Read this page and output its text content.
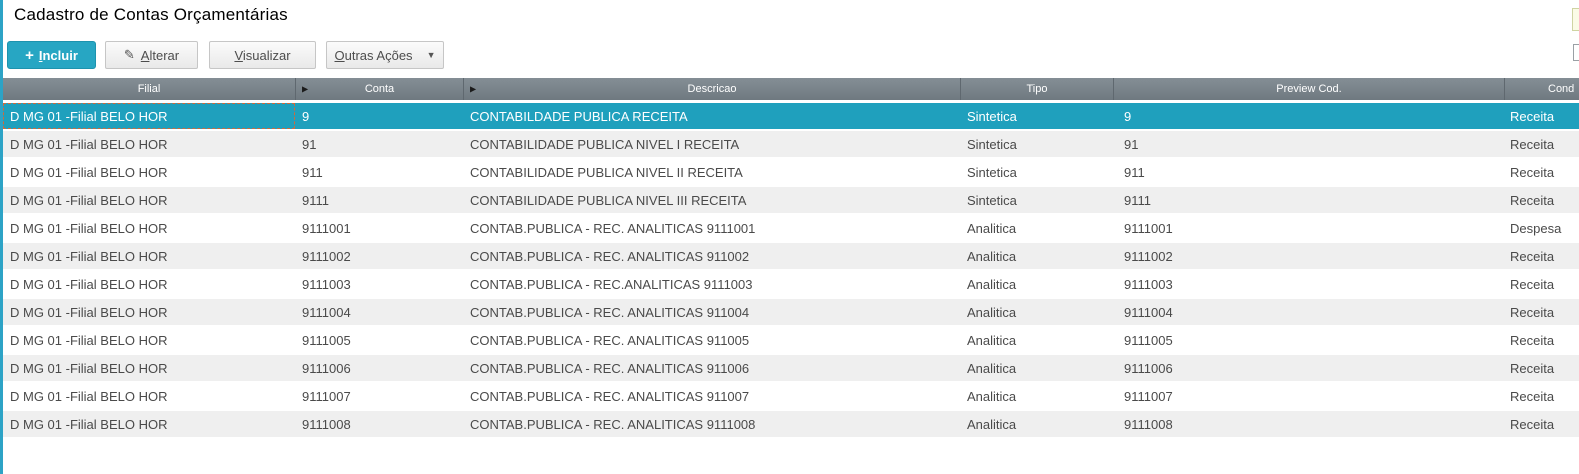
Cadastro de Contas Orçamentárias
+ Incluir	✎ Alterar	Visualizar	Outras Ações ▼
Filial	▶	Conta	▶	Descricao	Tipo	Preview Cod.	Cond
D MG 01 -Filial BELO HOR	9	CONTABILDADE PUBLICA RECEITA	Sintetica	9	Receita
D MG 01 -Filial BELO HOR	91	CONTABILIDADE PUBLICA NIVEL I RECEITA	Sintetica	91	Receita
D MG 01 -Filial BELO HOR	911	CONTABILIDADE PUBLICA NIVEL II RECEITA	Sintetica	911	Receita
D MG 01 -Filial BELO HOR	9111	CONTABILIDADE PUBLICA NIVEL III RECEITA	Sintetica	9111	Receita
D MG 01 -Filial BELO HOR	9111001	CONTAB.PUBLICA - REC. ANALITICAS 9111001	Analitica	9111001	Despesa
D MG 01 -Filial BELO HOR	9111002	CONTAB.PUBLICA - REC. ANALITICAS 911002	Analitica	9111002	Receita
D MG 01 -Filial BELO HOR	9111003	CONTAB.PUBLICA - REC.ANALITICAS 9111003	Analitica	9111003	Receita
D MG 01 -Filial BELO HOR	9111004	CONTAB.PUBLICA - REC. ANALITICAS 911004	Analitica	9111004	Receita
D MG 01 -Filial BELO HOR	9111005	CONTAB.PUBLICA - REC. ANALITICAS 911005	Analitica	9111005	Receita
D MG 01 -Filial BELO HOR	9111006	CONTAB.PUBLICA - REC. ANALITICAS 911006	Analitica	9111006	Receita
D MG 01 -Filial BELO HOR	9111007	CONTAB.PUBLICA - REC. ANALITICAS 911007	Analitica	9111007	Receita
D MG 01 -Filial BELO HOR	9111008	CONTAB.PUBLICA - REC. ANALITICAS 9111008	Analitica	9111008	Receita
